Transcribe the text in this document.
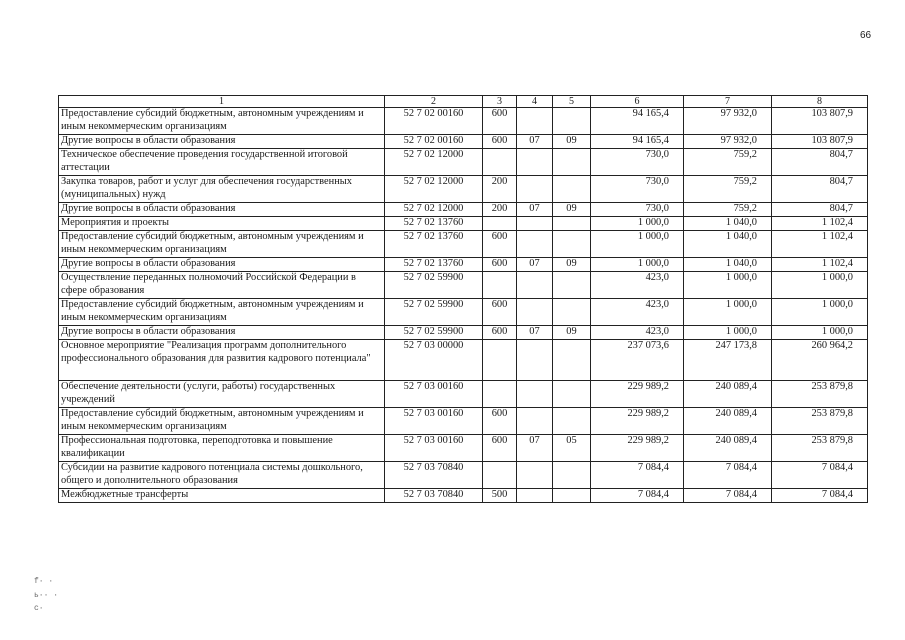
66
1	2	3	4	5	6	7	8
Предоставление субсидий бюджетным, автономным учреждениям и иным некоммерческим организациям	52 7 02 00160	600			94 165,4	97 932,0	103 807,9
Другие вопросы в области образования	52 7 02 00160	600	07	09	94 165,4	97 932,0	103 807,9
Техническое обеспечение проведения государственной итоговой аттестации	52 7 02 12000				730,0	759,2	804,7
Закупка товаров, работ и услуг для обеспечения государственных (муниципальных) нужд	52 7 02 12000	200			730,0	759,2	804,7
Другие вопросы в области образования	52 7 02 12000	200	07	09	730,0	759,2	804,7
Мероприятия и проекты	52 7 02 13760				1 000,0	1 040,0	1 102,4
Предоставление субсидий бюджетным, автономным учреждениям и иным некоммерческим организациям	52 7 02 13760	600			1 000,0	1 040,0	1 102,4
Другие вопросы в области образования	52 7 02 13760	600	07	09	1 000,0	1 040,0	1 102,4
Осуществление переданных полномочий Российской Федерации в сфере образования	52 7 02 59900				423,0	1 000,0	1 000,0
Предоставление субсидий бюджетным, автономным учреждениям и иным некоммерческим организациям	52 7 02 59900	600			423,0	1 000,0	1 000,0
Другие вопросы в области образования	52 7 02 59900	600	07	09	423,0	1 000,0	1 000,0
Основное мероприятие "Реализация программ дополнительного профессионального образования для развития кадрового потенциала"	52 7 03 00000				237 073,6	247 173,8	260 964,2
Обеспечение деятельности (услуги, работы) государственных учреждений	52 7 03 00160				229 989,2	240 089,4	253 879,8
Предоставление субсидий бюджетным, автономным учреждениям и иным некоммерческим организациям	52 7 03 00160	600			229 989,2	240 089,4	253 879,8
Профессиональная подготовка, переподготовка и повышение квалификации	52 7 03 00160	600	07	05	229 989,2	240 089,4	253 879,8
Субсидии на развитие кадрового потенциала системы дошкольного, общего и дополнительного образования	52 7 03 70840				7 084,4	7 084,4	7 084,4
Межбюджетные трансферты	52 7 03 70840	500			7 084,4	7 084,4	7 084,4
f· ·
ь·· ·
с·
